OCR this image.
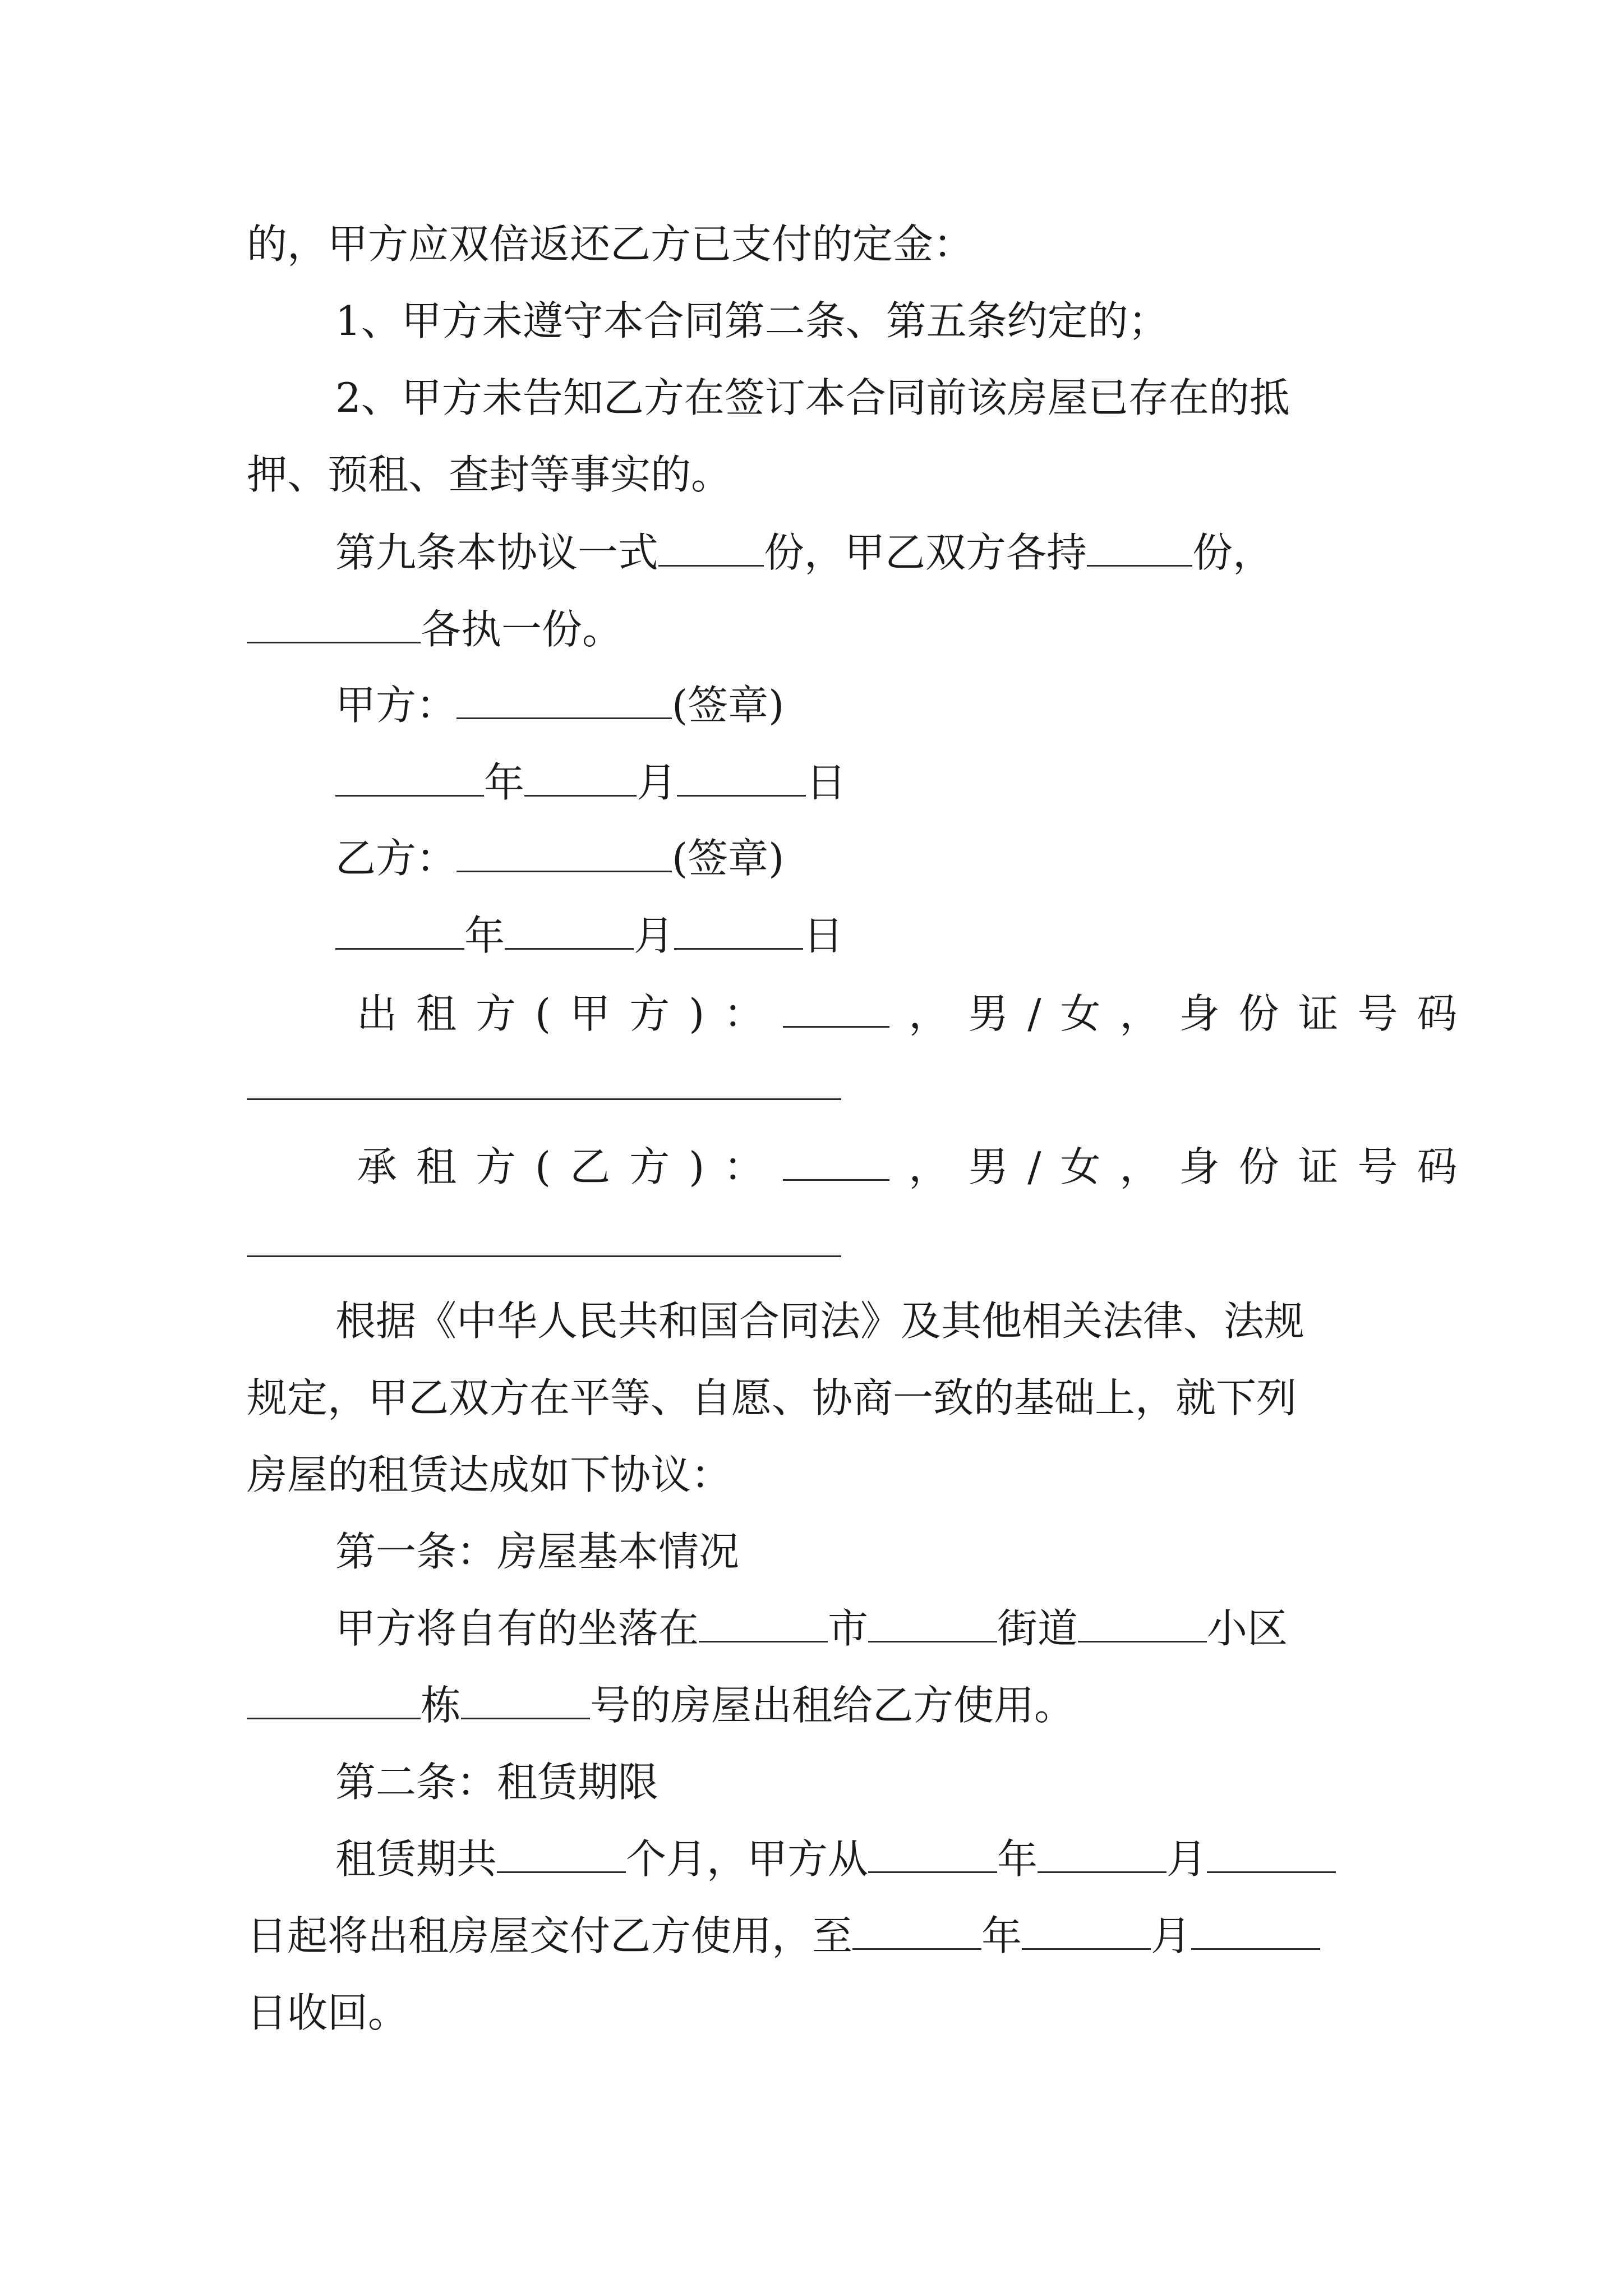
的，甲方应双倍返还乙方已支付的定金：
1、甲方未遵守本合同第二条、第五条约定的；
2、甲方未告知乙方在签订本合同前该房屋已存在的抵
押、预租、查封等事实的。
第九条本协议一式	份，甲乙双方各持	份，
各执一份。
甲方：	(签章)
年	月	日
乙方：	(签章)
年	月	日
出租方(甲方)：	，男/女，身份证号码
承租方(乙方)：	，男/女，身份证号码
根据《中华人民共和国合同法》及其他相关法律、法规
规定，甲乙双方在平等、自愿、协商一致的基础上，就下列
房屋的租赁达成如下协议：
第一条：房屋基本情况
甲方将自有的坐落在	市	街道	小区
栋	号的房屋出租给乙方使用。
第二条：租赁期限
租赁期共	个月，甲方从	年	月
日起将出租房屋交付乙方使用，至	年	月
日收回。
